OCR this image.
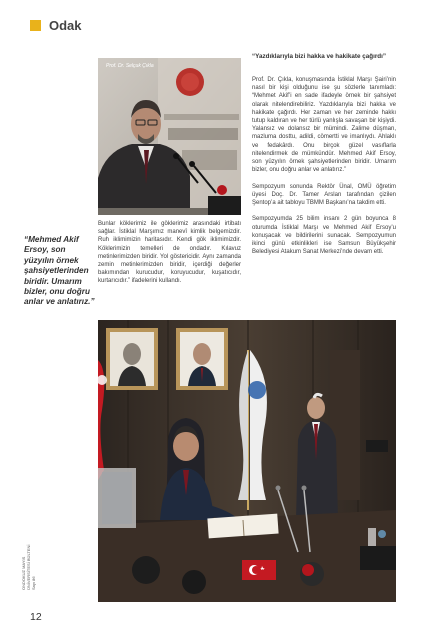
Odak
Prof. Dr. Selçuk Çıkla
“Mehmed Akif Ersoy, son yüzyılın örnek şahsiyetlerinden biridir. Umarım bizler, onu doğru anlar ve anlatırız.”

Bunlar köklerimiz ile göklerimiz arasındaki irtibatı sağlar. İstiklal Marşımız manevî kimlik belgemizdir. Ruh iklimimizin haritasıdır. Kendi gök iklimimizdir. Köklerimizin temelleri de ondadır. Kılavuz metinlerimizden biridir. Yol göstericidir. Aynı zamanda zemin metinlerimizden biridir, içerdiği değerler bakımından kurucudur, koruyucudur, kuşatıcıdır, kurtarıcıdır.” ifadelerini kullandı.

“Yazdıklarıyla bizi hakka ve hakikate çağırdı”

Prof. Dr. Çıkla, konuşmasında İstiklal Marşı Şairi’nin nasıl bir kişi olduğunu ise şu sözlerle tanımladı: “Mehmet Akif’i en sade ifadeyle örnek bir şahsiyet olarak nitelendirebiliriz. Yazdıklarıyla bizi hakka ve hakikate çağırdı. Her zaman ve her zeminde hakkı tutup kaldıran ve her türlü yanlışla savaşan bir kişiydi. Yalansız ve dolansız bir mümindi. Zalime düşman, mazluma dosttu, adildi, cömertti ve imanlıydı. Ahlaklı ve fedakârdı. Onu birçok güzel vasıflarla nitelendirmek de mümkündür. Mehmed Akif Ersoy, son yüzyılın örnek şahsiyetlerinden biridir. Umarım bizler, onu doğru anlar ve anlatırız.”

Sempozyum sonunda Rektör Ünal, OMÜ öğretim üyesi Doç. Dr. Tamer Arslan tarafından çizilen Şentop’a ait tabloyu TBMM Başkanı’na takdim etti.

Sempozyumda 25 bilim insanı 2 gün boyunca 8 oturumda İstiklal Marşı ve Mehmed Akif Ersoy’u konuşacak ve bildirilerini sunacak. Sempozyumun ikinci günü etkinlikleri ise Samsun Büyükşehir Belediyesi Atakum Sanat Merkezi’nde devam etti.

ONDOKUZ MAYIS ÜNİVERSİTESİ BÜLTENİ Sayı 86
12
